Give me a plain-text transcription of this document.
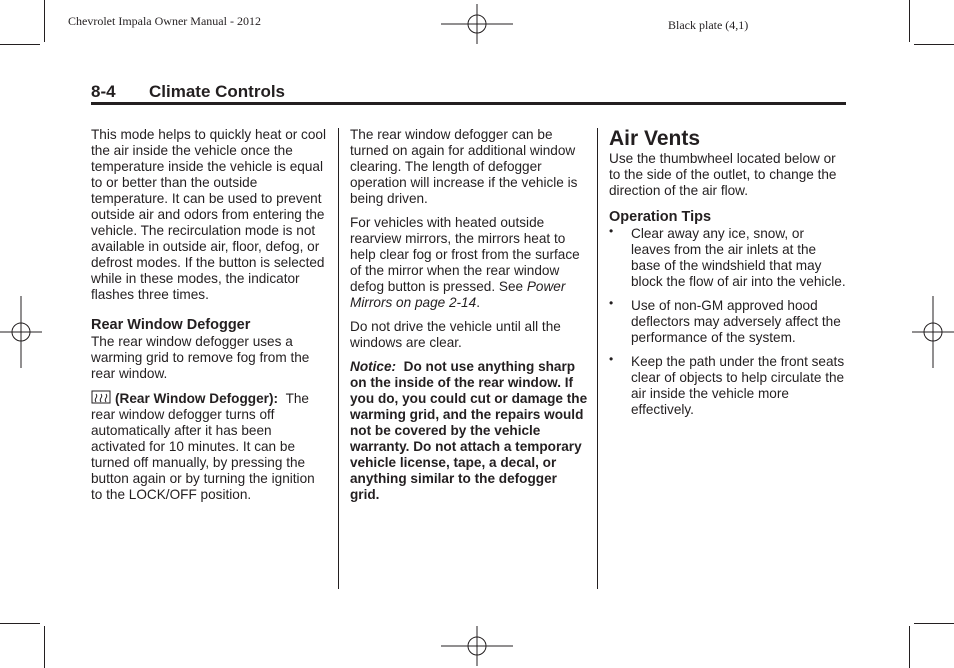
Chevrolet Impala Owner Manual - 2012	Black plate (4,1)
8-4 Climate Controls

This mode helps to quickly heat or cool the air inside the vehicle once the temperature inside the vehicle is equal to or better than the outside temperature. It can be used to prevent outside air and odors from entering the vehicle. The recirculation mode is not available in outside air, floor, defog, or defrost modes. If the button is selected while in these modes, the indicator flashes three times.

Rear Window Defogger

The rear window defogger uses a warming grid to remove fog from the rear window.

(Rear Window Defogger): The rear window defogger turns off automatically after it has been activated for 10 minutes. It can be turned off manually, by pressing the button again or by turning the ignition to the LOCK/OFF position.

The rear window defogger can be turned on again for additional window clearing. The length of defogger operation will increase if the vehicle is being driven.

For vehicles with heated outside rearview mirrors, the mirrors heat to help clear fog or frost from the surface of the mirror when the rear window defog button is pressed. See Power Mirrors on page 2-14.

Do not drive the vehicle until all the windows are clear.

Notice: Do not use anything sharp on the inside of the rear window. If you do, you could cut or damage the warming grid, and the repairs would not be covered by the vehicle warranty. Do not attach a temporary vehicle license, tape, a decal, or anything similar to the defogger grid.

Air Vents

Use the thumbwheel located below or to the side of the outlet, to change the direction of the air flow.

Operation Tips

• Clear away any ice, snow, or leaves from the air inlets at the base of the windshield that may block the flow of air into the vehicle.
• Use of non-GM approved hood deflectors may adversely affect the performance of the system.
• Keep the path under the front seats clear of objects to help circulate the air inside the vehicle more effectively.
